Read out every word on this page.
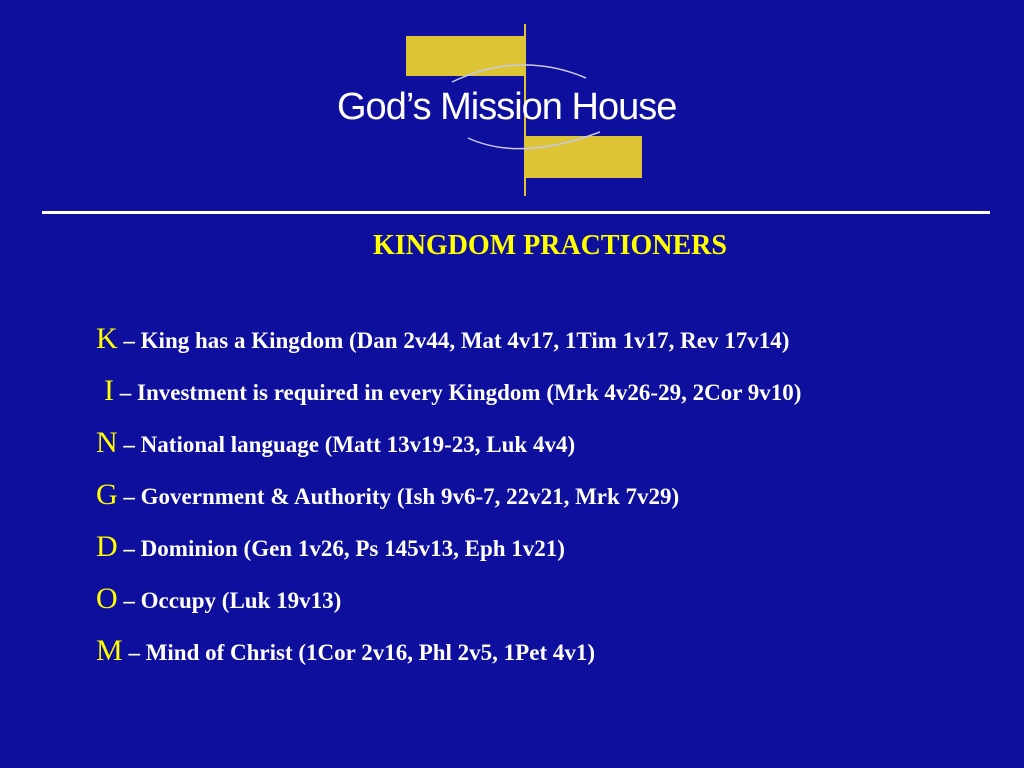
God’s Mission House
KINGDOM PRACTIONERS
K – King has a Kingdom (Dan 2v44, Mat 4v17, 1Tim 1v17, Rev 17v14)
I – Investment is required in every Kingdom (Mrk 4v26-29, 2Cor 9v10)
N – National language (Matt 13v19-23, Luk 4v4)
G – Government & Authority (Ish 9v6-7, 22v21, Mrk 7v29)
D – Dominion (Gen 1v26, Ps 145v13, Eph 1v21)
O – Occupy (Luk 19v13)
M – Mind of Christ (1Cor 2v16, Phl 2v5, 1Pet 4v1)
